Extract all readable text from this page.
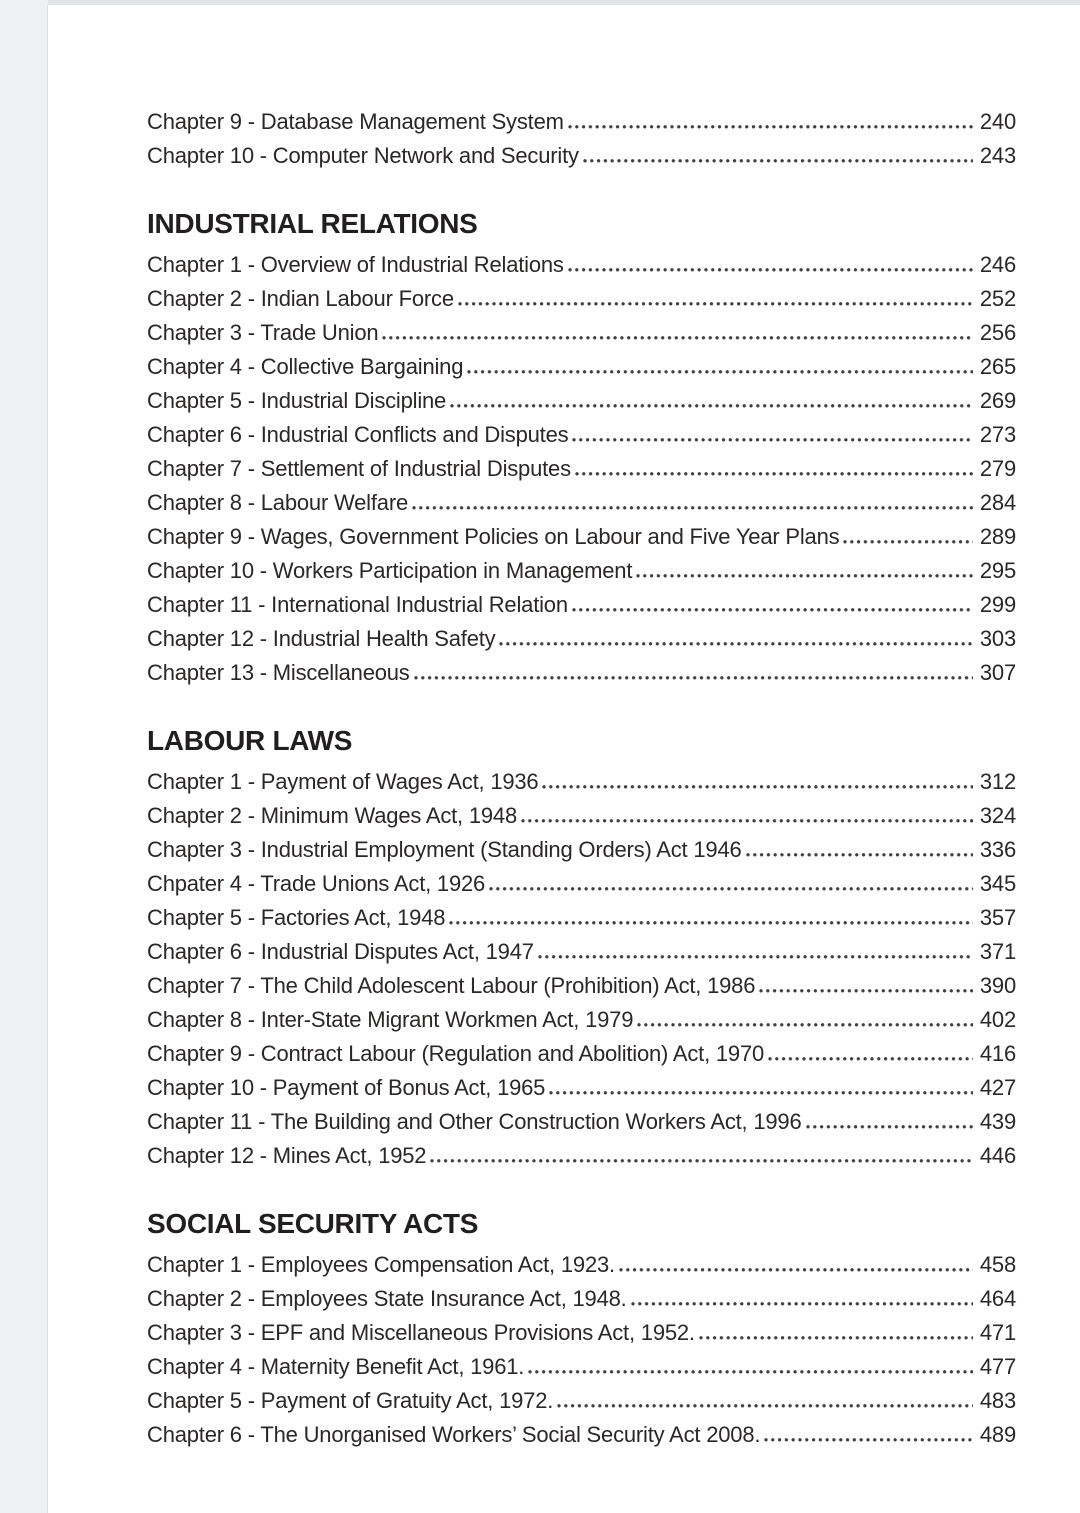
Chapter 9 - Database Management System	240
Chapter 10 - Computer Network and Security	243
INDUSTRIAL RELATIONS
Chapter 1 - Overview of Industrial Relations	246
Chapter 2 - Indian Labour Force	252
Chapter 3 - Trade Union	256
Chapter 4 - Collective Bargaining	265
Chapter 5 - Industrial Discipline	269
Chapter 6 - Industrial Conflicts and Disputes	273
Chapter 7 - Settlement of Industrial Disputes	279
Chapter 8 - Labour Welfare	284
Chapter 9 - Wages, Government Policies on Labour and Five Year Plans	289
Chapter 10 - Workers Participation in Management	295
Chapter 11 - International Industrial Relation	299
Chapter 12 - Industrial Health Safety	303
Chapter 13 - Miscellaneous	307
LABOUR LAWS
Chapter 1 - Payment of Wages Act, 1936	312
Chapter 2 - Minimum Wages Act, 1948	324
Chapter 3 - Industrial Employment (Standing Orders) Act 1946	336
Chpater 4 - Trade Unions Act, 1926	345
Chapter 5 - Factories Act, 1948	357
Chapter 6 - Industrial Disputes Act, 1947	371
Chapter 7 - The Child Adolescent Labour (Prohibition) Act, 1986	390
Chapter 8 - Inter-State Migrant Workmen Act, 1979	402
Chapter 9 - Contract Labour (Regulation and Abolition) Act, 1970	416
Chapter 10 - Payment of Bonus Act, 1965	427
Chapter 11 - The Building and Other Construction Workers Act, 1996	439
Chapter 12 - Mines Act, 1952	446
SOCIAL SECURITY ACTS
Chapter 1 - Employees Compensation Act, 1923.	458
Chapter 2 - Employees State Insurance Act, 1948.	464
Chapter 3 - EPF and Miscellaneous Provisions Act, 1952.	471
Chapter 4 - Maternity Benefit Act, 1961.	477
Chapter 5 - Payment of Gratuity Act, 1972.	483
Chapter 6 - The Unorganised Workers’ Social Security Act 2008.	489
